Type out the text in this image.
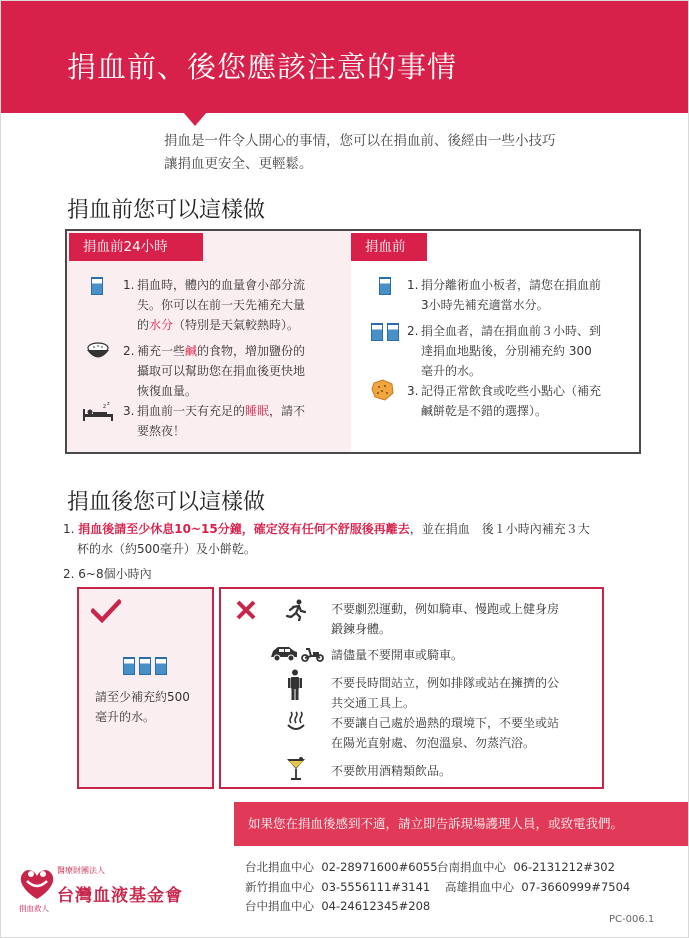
捐血前、後您應該注意的事情
捐血是一件令人開心的事情，您可以在捐血前、後經由一些小技巧
讓捐血更安全、更輕鬆。
捐血前您可以這樣做
捐血前24小時	捐血前
1. 捐血時，體內的血量會小部分流
失。你可以在前一天先補充大量
的水分（特別是天氣較熱時）。
2. 補充一些鹹的食物，增加鹽份的
攝取可以幫助您在捐血後更快地
恢復血量。
z z 3. 捐血前一天有充足的睡眠，請不
要熬夜！
1. 捐分離術血小板者，請您在捐血前
3小時先補充適當水分。
2. 捐全血者，請在捐血前３小時、到
達捐血地點後，分別補充約 300
毫升的水。
3. 記得正常飲食或吃些小點心（補充
鹹餅乾是不錯的選擇）。
捐血後您可以這樣做
1. 捐血後請至少休息10~15分鐘，確定沒有任何不舒服後再離去，並在捐血　後１小時內補充３大
杯的水（約500毫升）及小餅乾。
2. 6~8個小時內
請至少補充約500
毫升的水。
不要劇烈運動，例如騎車、慢跑或上健身房
鍛鍊身體。
請儘量不要開車或騎車。
不要長時間站立，例如排隊或站在擁擠的公
共交通工具上。
不要讓自己處於過熱的環境下，不要坐或站
在陽光直射處、勿泡溫泉、勿蒸汽浴。
不要飲用酒精類飲品。
如果您在捐血後感到不適，請立即告訴現場護理人員，或致電我們。
醫療財團法人
台灣血液基金會
捐血救人
台北捐血中心 02-28971600#6055 台南捐血中心 06-2131212#302
新竹捐血中心 03-5556111#3141 高雄捐血中心 07-3660999#7504
台中捐血中心 04-24612345#208
PC-006.1
